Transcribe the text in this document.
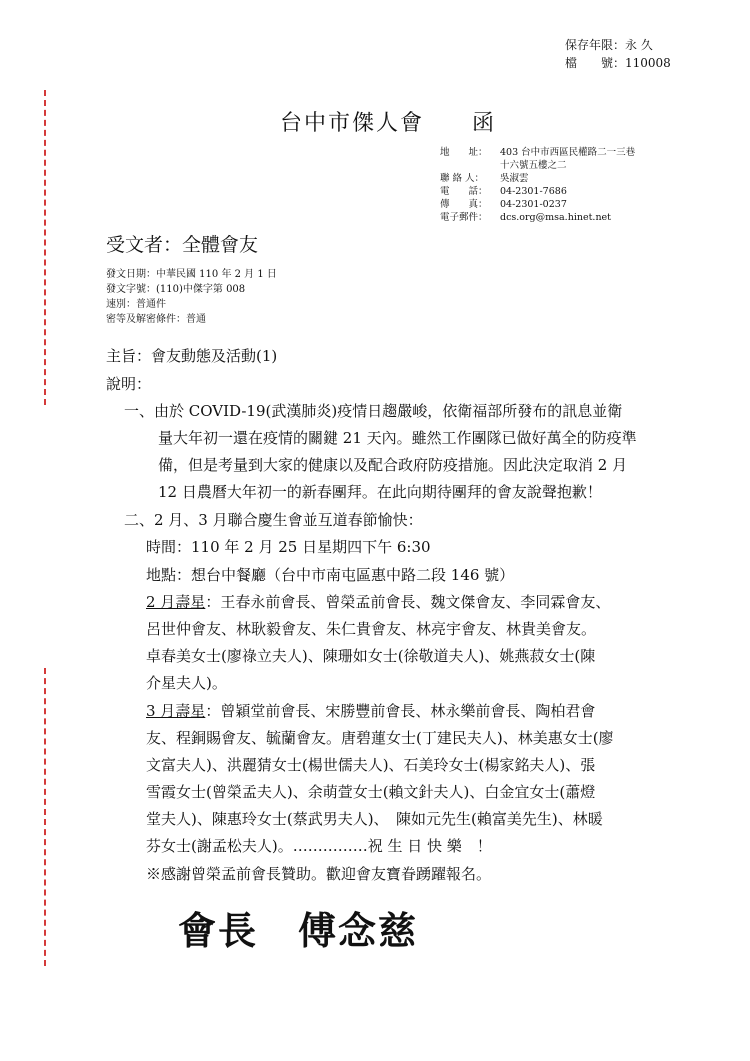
保存年限：永 久
檔　　號：110008
台中市傑人會　　函
地　　址：	403 台中市西區民權路二一三巷
十六號五樓之二
聯 絡 人：	吳淑雲
電　　話：	04-2301-7686
傳　　真：	04-2301-0237
電子郵件：	dcs.org@msa.hinet.net
受文者：全體會友
發文日期：中華民國 110 年 2 月 1 日
發文字號：(110)中傑字第 008
速別：普通件
密等及解密條件：普通
主旨：會友動態及活動(1)
說明：
一、由於 COVID-19(武漢肺炎)疫情日趨嚴峻，依衛福部所發布的訊息並衛
量大年初一還在疫情的關鍵 21 天內。雖然工作團隊已做好萬全的防疫準
備，但是考量到大家的健康以及配合政府防疫措施。因此決定取消 2 月
12 日農曆大年初一的新春團拜。在此向期待團拜的會友說聲抱歉！
二、2 月、3 月聯合慶生會並互道春節愉快：
時間：110 年 2 月 25 日星期四下午 6:30
地點：想台中餐廳（台中市南屯區惠中路二段 146 號）
2 月壽星：王春永前會長、曾榮孟前會長、魏文傑會友、李同霖會友、
呂世仲會友、林耿毅會友、朱仁貴會友、林亮宇會友、林貴美會友。
卓春美女士(廖祿立夫人)、陳珊如女士(徐敬道夫人)、姚燕菽女士(陳
介星夫人)。
3 月壽星：曾穎堂前會長、宋勝豐前會長、林永樂前會長、陶柏君會
友、程銅賜會友、毓蘭會友。唐碧蓮女士(丁建民夫人)、林美惠女士(廖
文富夫人)、洪麗猜女士(楊世儒夫人)、石美玲女士(楊家銘夫人)、張
雪霞女士(曾榮孟夫人)、余萌萱女士(賴文針夫人)、白金宜女士(蕭燈
堂夫人)、陳惠玲女士(蔡武男夫人)、　陳如元先生(賴富美先生)、林暖
芬女士(謝孟松夫人)。……………祝 生 日 快 樂　！
※感謝曾榮孟前會長贊助。歡迎會友寶眷踴躍報名。
會長　傅念慈
